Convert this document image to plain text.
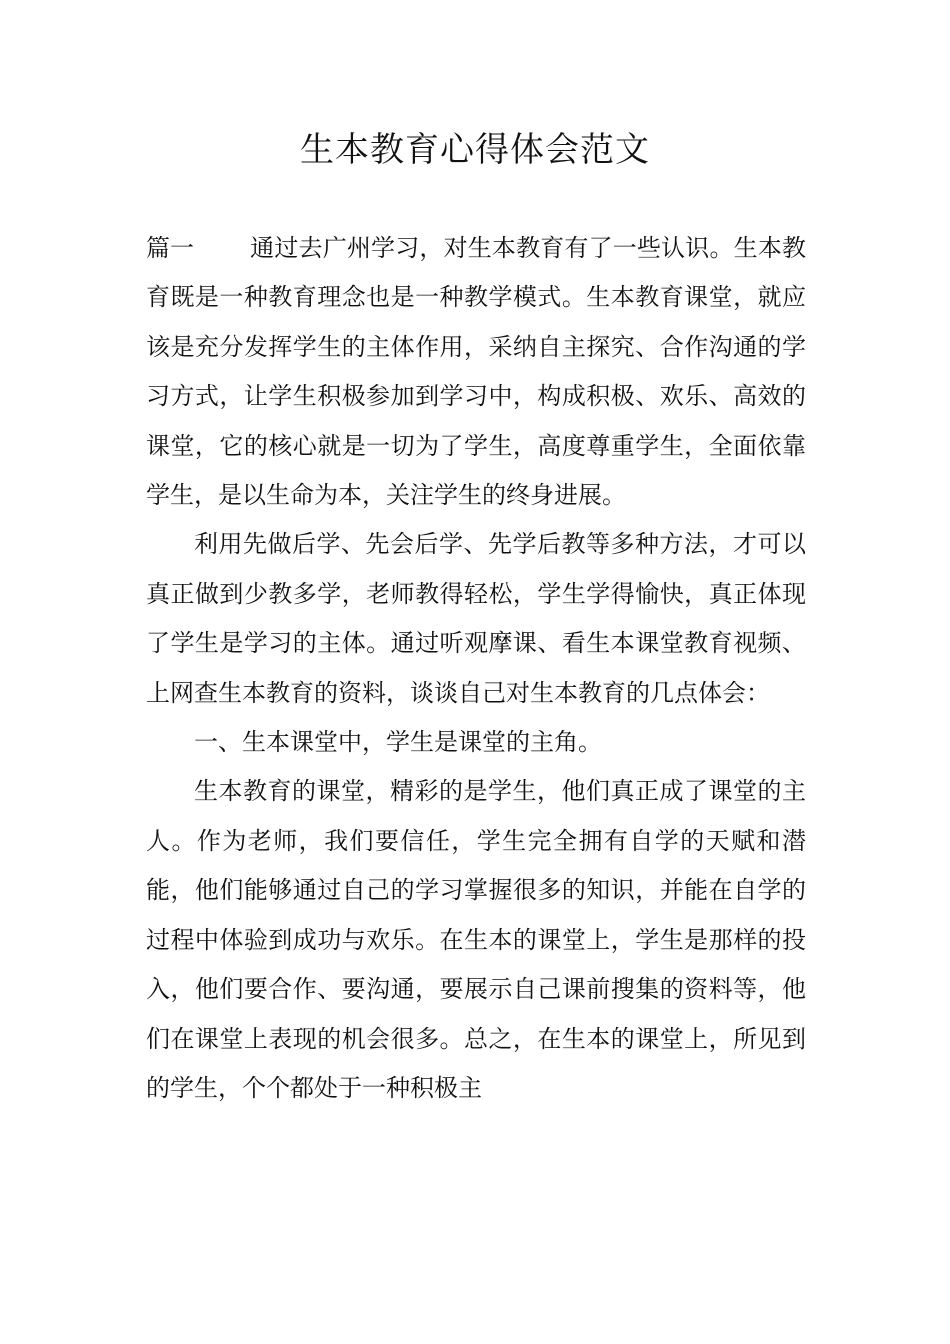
生本教育心得体会范文

篇一 通过去广州学习，对生本教育有了一些认识。生本教育既是一种教育理念也是一种教学模式。生本教育课堂，就应该是充分发挥学生的主体作用，采纳自主探究、合作沟通的学习方式，让学生积极参加到学习中，构成积极、欢乐、高效的课堂，它的核心就是一切为了学生，高度尊重学生，全面依靠学生，是以生命为本，关注学生的终身进展。

利用先做后学、先会后学、先学后教等多种方法，才可以真正做到少教多学，老师教得轻松，学生学得愉快，真正体现了学生是学习的主体。通过听观摩课、看生本课堂教育视频、上网查生本教育的资料，谈谈自己对生本教育的几点体会：

一、生本课堂中，学生是课堂的主角。

生本教育的课堂，精彩的是学生，他们真正成了课堂的主人。作为老师，我们要信任，学生完全拥有自学的天赋和潜能，他们能够通过自己的学习掌握很多的知识，并能在自学的过程中体验到成功与欢乐。在生本的课堂上，学生是那样的投入，他们要合作、要沟通，要展示自己课前搜集的资料等，他们在课堂上表现的机会很多。总之，在生本的课堂上，所见到的学生，个个都处于一种积极主
